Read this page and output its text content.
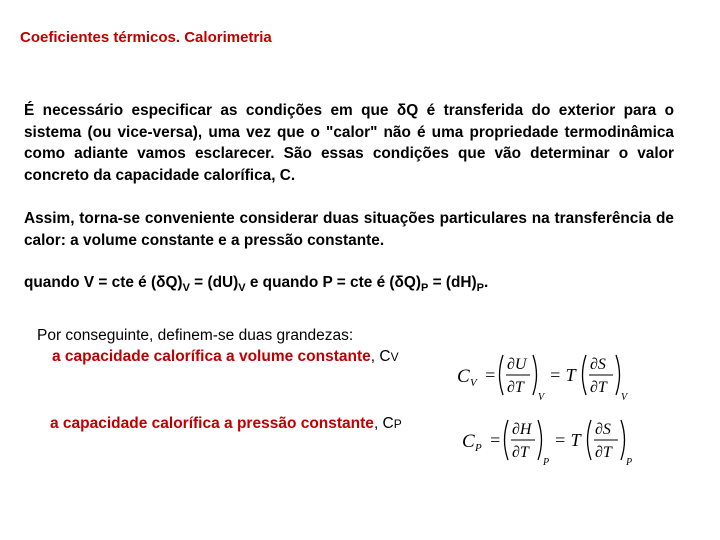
Coeficientes térmicos. Calorimetria
É necessário especificar as condições em que δQ é transferida do exterior para o sistema (ou vice-versa), uma vez que o "calor" não é uma propriedade termodinâmica como adiante vamos esclarecer. São essas condições que vão determinar o valor concreto da capacidade calorífica, C.
Assim, torna-se conveniente considerar duas situações particulares na transferência de calor: a volume constante e a pressão constante.
quando V = cte é $(\delta Q)_V = (dU)_V$ e quando P = cte é $(\delta Q)_P = (dH)_P$.
Por conseguinte, definem-se duas grandezas:
a capacidade calorífica a volume constante, CV
a capacidade calorífica a pressão constante, CP
C V =
∂U
∂T
V
= T
∂S
∂T
V
C P =
∂H
∂T
P
= T
∂S
∂T
P
